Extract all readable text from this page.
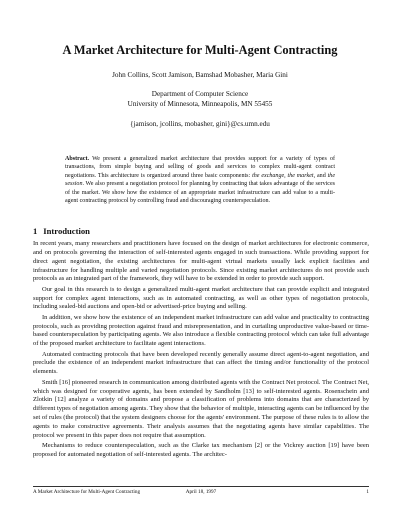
A Market Architecture for Multi-Agent Contracting
John Collins, Scott Jamison, Bamshad Mobasher, Maria Gini
Department of Computer Science
University of Minnesota, Minneapolis, MN 55455
{jamison, jcollins, mobasher, gini}@cs.umn.edu
Abstract. We present a generalized market architecture that provides support for a variety of types of transactions, from simple buying and selling of goods and services to complex multi-agent contract negotiations. This architecture is organized around three basic components: the exchange, the market, and the session. We also present a negotiation protocol for planning by contracting that takes advantage of the services of the market. We show how the existence of an appropriate market infrastructure can add value to a multi-agent contracting protocol by controlling fraud and discouraging counterspeculation.
1 Introduction

In recent years, many researchers and practitioners have focused on the design of market architectures for electronic commerce, and on protocols governing the interaction of self-interested agents engaged in such transactions. While providing support for direct agent negotiation, the existing architectures for multi-agent virtual markets usually lack explicit facilities and infrastructure for handling multiple and varied negotiation protocols. Since existing market architectures do not provide such protocols as an integrated part of the framework, they will have to be extended in order to provide such support.

Our goal in this research is to design a generalized multi-agent market architecture that can provide explicit and integrated support for complex agent interactions, such as in automated contracting, as well as other types of negotiation protocols, including sealed-bid auctions and open-bid or advertised-price buying and selling.

In addition, we show how the existence of an independent market infrastructure can add value and practicality to contracting protocols, such as providing protection against fraud and misrepresentation, and in curtailing unproductive value-based or time-based counterspeculation by participating agents. We also introduce a flexible contracting protocol which can take full advantage of the proposed market architecture to facilitate agent interactions.

Automated contracting protocols that have been developed recently generally assume direct agent-to-agent negotiation, and preclude the existence of an independent market infrastructure that can affect the timing and/or functionality of the protocol elements.

Smith [16] pioneered research in communication among distributed agents with the Contract Net protocol. The Contract Net, which was designed for cooperative agents, has been extended by Sandholm [13] to self-interested agents. Rosenschein and Zlotkin [12] analyze a variety of domains and propose a classification of problems into domains that are characterized by different types of negotiation among agents. They show that the behavior of multiple, interacting agents can be influenced by the set of rules (the protocol) that the system designers choose for the agents' environment. The purpose of these rules is to allow the agents to make constructive agreements. Their analysis assumes that the negotiating agents have similar capabilities. The protocol we present in this paper does not require that assumption.

Mechanisms to reduce counterspeculation, such as the Clarke tax mechanism [2] or the Vickrey auction [19] have been proposed for automated negotiation of self-interested agents. The architec-

A Market Architecture for Multi-Agent Contracting	April 18, 1997	1
